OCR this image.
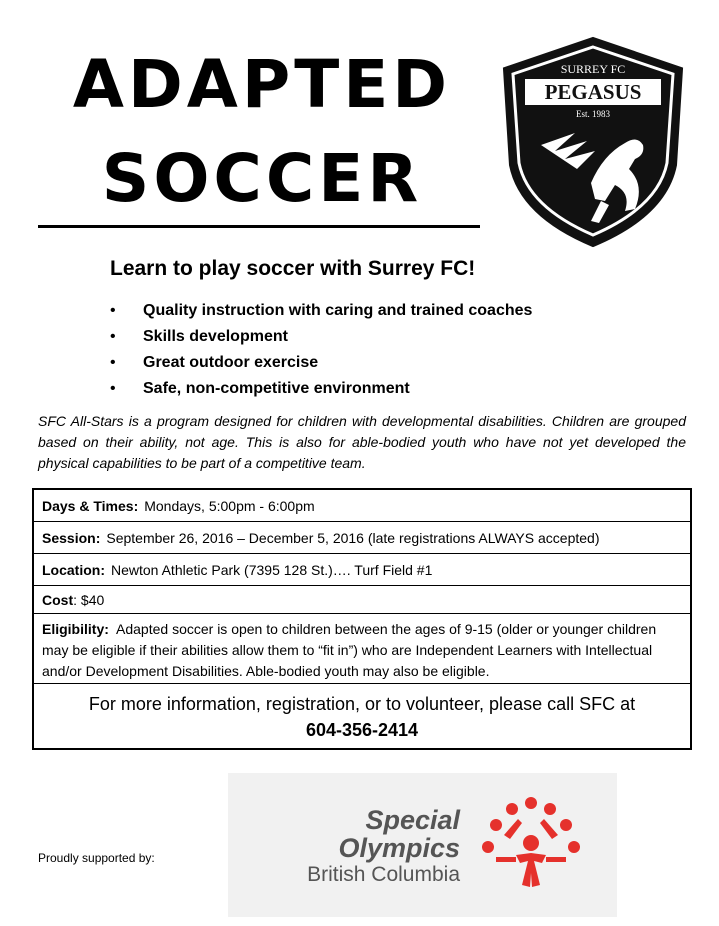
ADAPTED
SOCCER
SURREY FC
PEGASUS
Est. 1983
Learn to play soccer with Surrey FC!
• Quality instruction with caring and trained coaches
• Skills development
• Great outdoor exercise
• Safe, non-competitive environment

SFC All-Stars is a program designed for children with developmental disabilities. Children are grouped based on their ability, not age. This is also for able-bodied youth who have not yet developed the physical capabilities to be part of a competitive team.

Days & Times: Mondays, 5:00pm - 6:00pm
Session: September 26, 2016 – December 5, 2016 (late registrations ALWAYS accepted)
Location: Newton Athletic Park (7395 128 St.)…. Turf Field #1
Cost : $40
Eligibility: Adapted soccer is open to children between the ages of 9-15 (older or younger children may be eligible if their abilities allow them to “fit in”) who are Independent Learners with Intellectual and/or Development Disabilities. Able-bodied youth may also be eligible.
For more information, registration, or to volunteer, please call SFC at
604-356-2414
Proudly supported by:
Special
Olympics
British Columbia
